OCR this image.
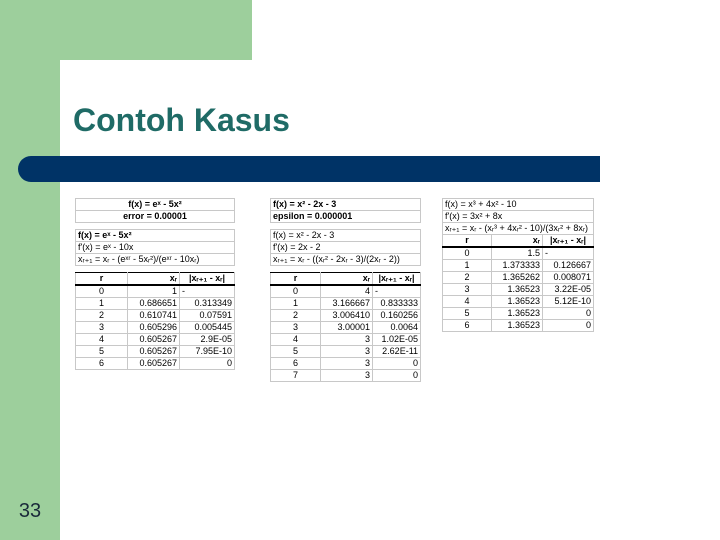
Contoh Kasus
f(x) = eˣ - 5x²		
error = 0.00001		

f(x) = eˣ - 5x²		
f'(x) = eˣ - 10x		
xᵣ₊₁ = xᵣ - (eˣʳ - 5xᵣ²)/(eˣʳ - 10xᵣ)		

r	xᵣ	|xᵣ₊₁ - xᵣ|
0	1	-
1	0.686651	0.313349
2	0.610741	0.07591
3	0.605296	0.005445
4	0.605267	2.9E-05
5	0.605267	7.95E-10
6	0.605267	0
f(x) = x² - 2x - 3		
epsilon = 0.000001		

f(x) = x² - 2x - 3		
f'(x) = 2x - 2		
xᵣ₊₁ = xᵣ - ((xᵣ² - 2xᵣ - 3)/(2xᵣ - 2))		

r	xᵣ	|xᵣ₊₁ - xᵣ|
0	4	-
1	3.166667	0.833333
2	3.006410	0.160256
3	3.00001	0.0064
4	3	1.02E-05
5	3	2.62E-11
6	3	0
7	3	0
f(x) = x³ + 4x² - 10		
f'(x) = 3x² + 8x		
xᵣ₊₁ = xᵣ - (xᵣ³ + 4xᵣ² - 10)/(3xᵣ² + 8xᵣ)		
r	xᵣ	|xᵣ₊₁ - xᵣ|
0	1.5	-
1	1.373333	0.126667
2	1.365262	0.008071
3	1.36523	3.22E-05
4	1.36523	5.12E-10
5	1.36523	0
6	1.36523	0
33
